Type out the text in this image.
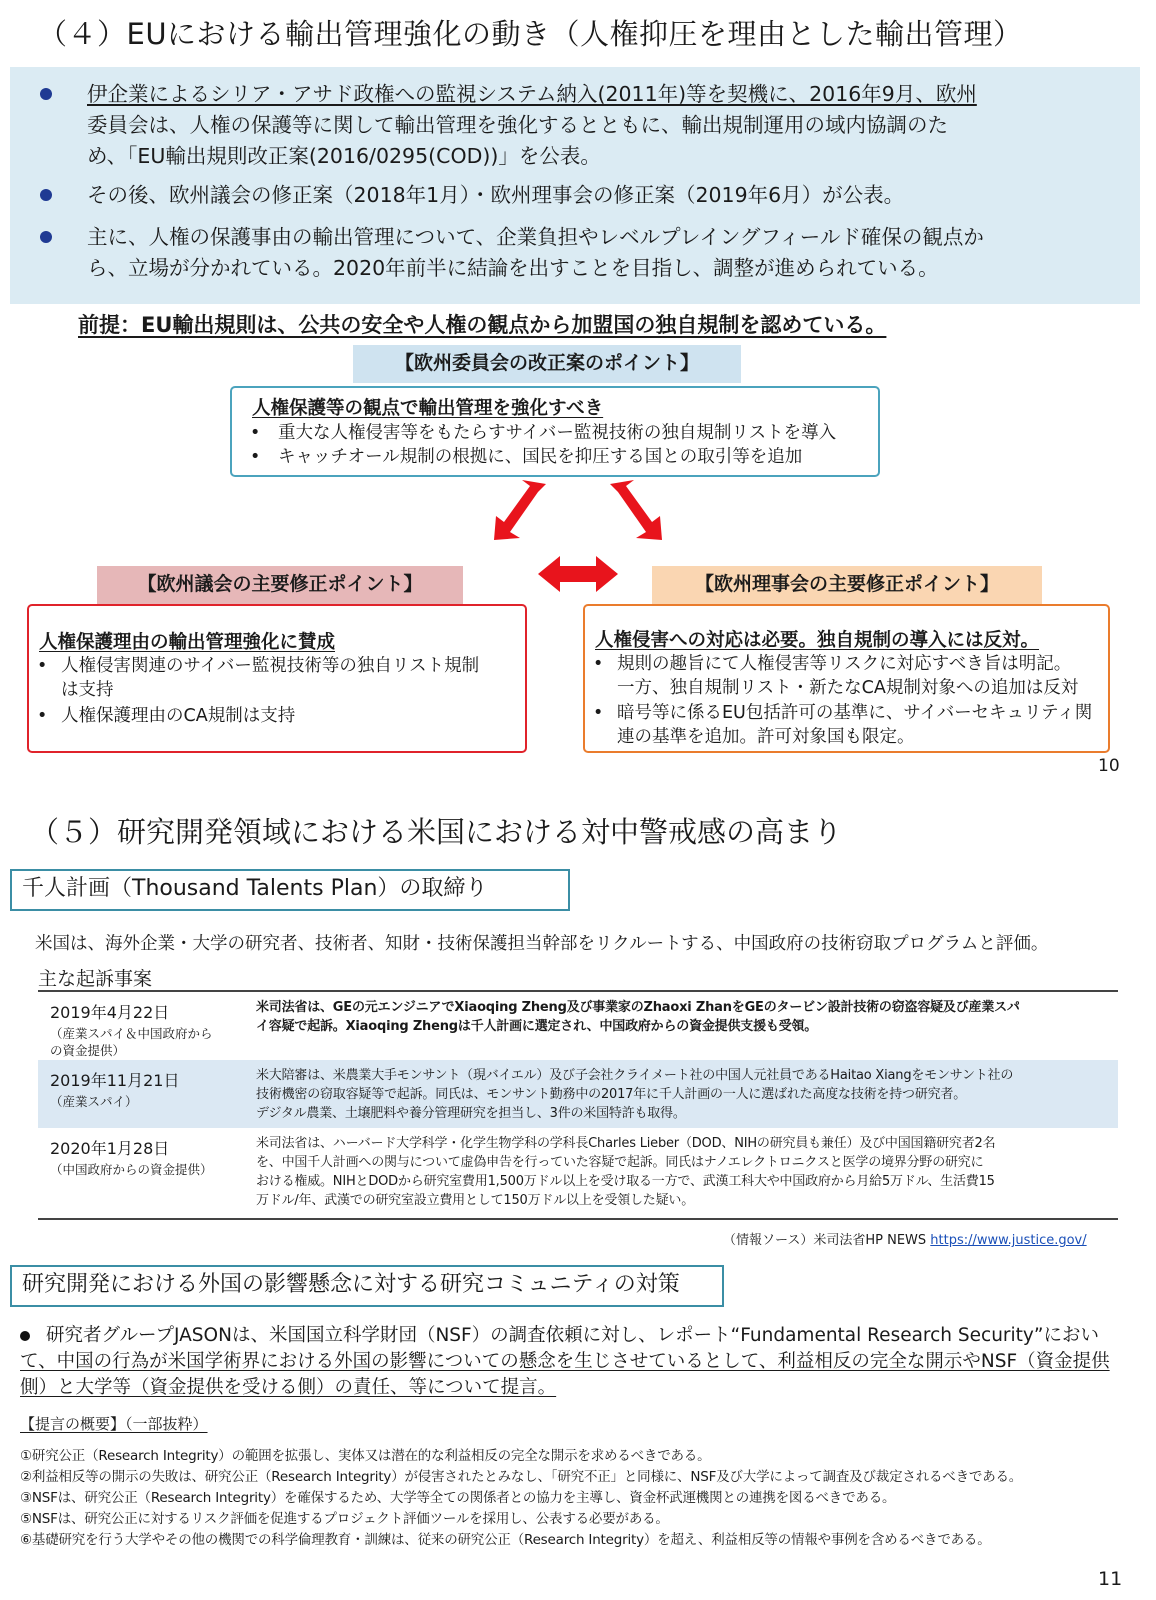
（４）EUにおける輸出管理強化の動き（人権抑圧を理由とした輸出管理）
伊企業によるシリア・アサド政権への監視システム納入(2011年)等を契機に、2016年9月、欧州
委員会は、人権の保護等に関して輸出管理を強化するとともに、輸出規制運用の域内協調のた
め、「EU輸出規則改正案(2016/0295(COD))」を公表。
その後、欧州議会の修正案（2018年1月）・欧州理事会の修正案（2019年6月）が公表。
主に、人権の保護事由の輸出管理について、企業負担やレベルプレイングフィールド確保の観点か
ら、立場が分かれている。2020年前半に結論を出すことを目指し、調整が進められている。
前提：EU輸出規則は、公共の安全や人権の観点から加盟国の独自規制を認めている。
【欧州委員会の改正案のポイント】
人権保護等の観点で輸出管理を強化すべき
• 重大な人権侵害等をもたらすサイバー監視技術の独自規制リストを導入
• キャッチオール規制の根拠に、国民を抑圧する国との取引等を追加
【欧州議会の主要修正ポイント】
人権保護理由の輸出管理強化に賛成
• 人権侵害関連のサイバー監視技術等の独自リスト規制
は支持
• 人権保護理由のCA規制は支持
【欧州理事会の主要修正ポイント】
人権侵害への対応は必要。独自規制の導入には反対。
• 規則の趣旨にて人権侵害等リスクに対応すべき旨は明記。
一方、独自規制リスト・新たなCA規制対象への追加は反対
• 暗号等に係るEU包括許可の基準に、サイバーセキュリティ関
連の基準を追加。許可対象国も限定。
10
（５）研究開発領域における米国における対中警戒感の高まり
千人計画（Thousand Talents Plan）の取締り
米国は、海外企業・大学の研究者、技術者、知財・技術保護担当幹部をリクルートする、中国政府の技術窃取プログラムと評価。
主な起訴事案
2019年4月22日
（産業スパイ＆中国政府から
の資金提供）
米司法省は、GEの元エンジニアでXiaoqing Zheng及び事業家のZhaoxi ZhanをGEのタービン設計技術の窃盗容疑及び産業スパ
イ容疑で起訴。Xiaoqing Zhengは千人計画に選定され、中国政府からの資金提供支援も受領。
2019年11月21日
（産業スパイ）
米大陪審は、米農業大手モンサント（現バイエル）及び子会社クライメート社の中国人元社員であるHaitao Xiangをモンサント社の
技術機密の窃取容疑等で起訴。同氏は、モンサント勤務中の2017年に千人計画の一人に選ばれた高度な技術を持つ研究者。
デジタル農業、土壌肥料や養分管理研究を担当し、3件の米国特許も取得。
2020年1月28日
（中国政府からの資金提供）
米司法省は、ハーバード大学科学・化学生物学科の学科長Charles Lieber（DOD、NIHの研究員も兼任）及び中国国籍研究者2名
を、中国千人計画への関与について虚偽申告を行っていた容疑で起訴。同氏はナノエレクトロニクスと医学の境界分野の研究に
おける権威。NIHとDODから研究室費用1,500万ドル以上を受け取る一方で、武漢工科大や中国政府から月給5万ドル、生活費15
万ドル/年、武漢での研究室設立費用として150万ドル以上を受領した疑い。
（情報ソース）米司法省HP NEWS https://www.justice.gov/
研究開発における外国の影響懸念に対する研究コミュニティの対策
研究者グループJASONは、米国国立科学財団（NSF）の調査依頼に対し、レポート“Fundamental Research Security”におい
て、中国の行為が米国学術界における外国の影響についての懸念を生じさせているとして、利益相反の完全な開示やNSF（資金提供
側）と大学等（資金提供を受ける側）の責任、等について提言。
【提言の概要】（一部抜粋）
①研究公正（Research Integrity）の範囲を拡張し、実体又は潜在的な利益相反の完全な開示を求めるべきである。
②利益相反等の開示の失敗は、研究公正（Research Integrity）が侵害されたとみなし、「研究不正」と同様に、NSF及び大学によって調査及び裁定されるべきである。
③NSFは、研究公正（Research Integrity）を確保するため、大学等全ての関係者との協力を主導し、資金杯武運機関との連携を図るべきである。
⑤NSFは、研究公正に対するリスク評価を促進するプロジェクト評価ツールを採用し、公表する必要がある。
⑥基礎研究を行う大学やその他の機関での科学倫理教育・訓練は、従来の研究公正（Research Integrity）を超え、利益相反等の情報や事例を含めるべきである。
11
